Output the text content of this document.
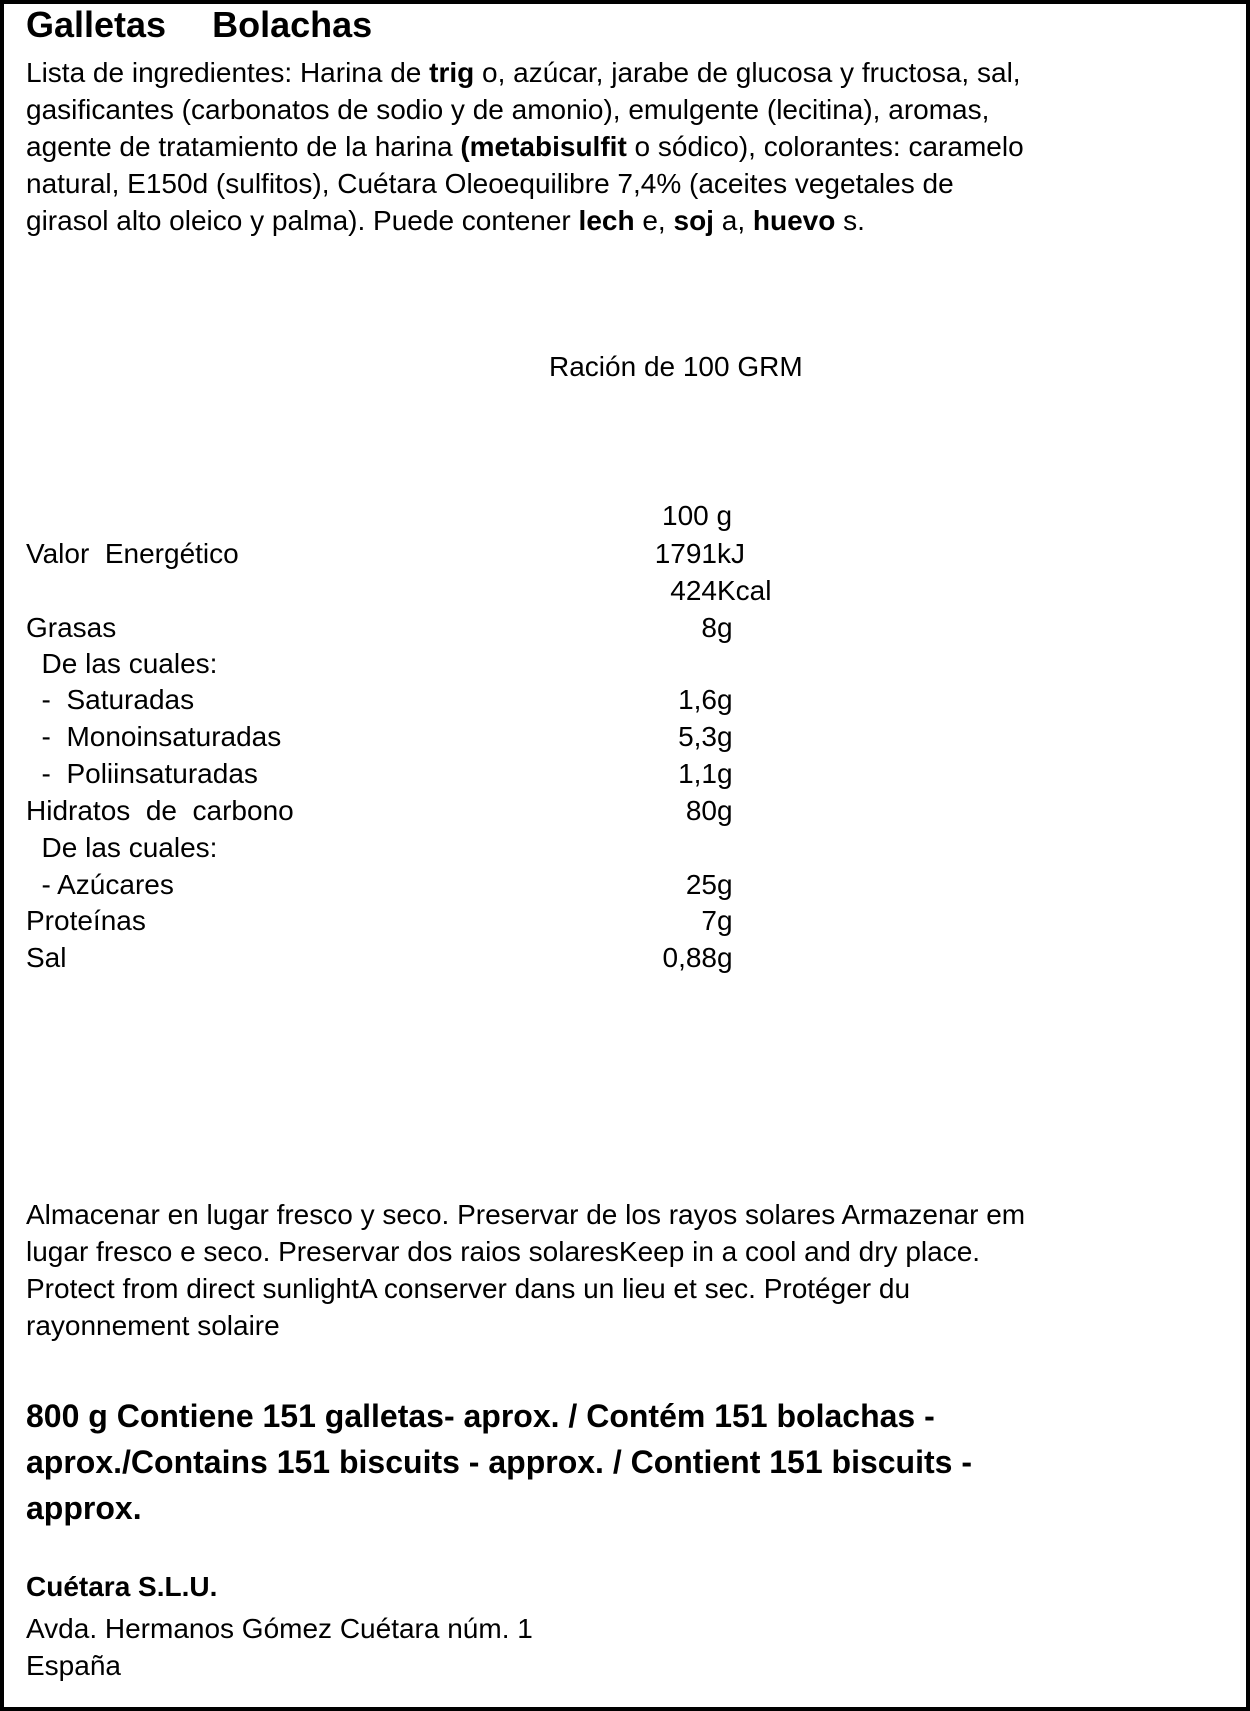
Galletas Bolachas
Lista de ingredientes: Harina de trig o, azúcar, jarabe de glucosa y fructosa, sal,
gasificantes (carbonatos de sodio y de amonio), emulgente (lecitina), aromas,
agente de tratamiento de la harina (metabisulfit o sódico), colorantes: caramelo
natural, E150d (sulfitos), Cuétara Oleoequilibre 7,4% (aceites vegetales de
girasol alto oleico y palma). Puede contener lech e, soj a, huevo s.
Ración de 100 GRM
100 g
Valor  Energético	1791 kJ
424 Kcal
Grasas	8 g
De las cuales:
-  Saturadas	1,6 g
-  Monoinsaturadas	5,3 g
-  Poliinsaturadas	1,1 g
Hidratos  de  carbono	80 g
De las cuales:
- Azúcares	25 g
Proteínas	7 g
Sal	0,88 g
Almacenar en lugar fresco y seco. Preservar de los rayos solares Armazenar em
lugar fresco e seco. Preservar dos raios solaresKeep in a cool and dry place.
Protect from direct sunlightA conserver dans un lieu et sec. Protéger du
rayonnement solaire
800 g Contiene 151 galletas- aprox. / Contém 151 bolachas -
aprox./Contains 151 biscuits - approx. / Contient 151 biscuits -
approx.
Cuétara S.L.U.
Avda. Hermanos Gómez Cuétara núm. 1
España
